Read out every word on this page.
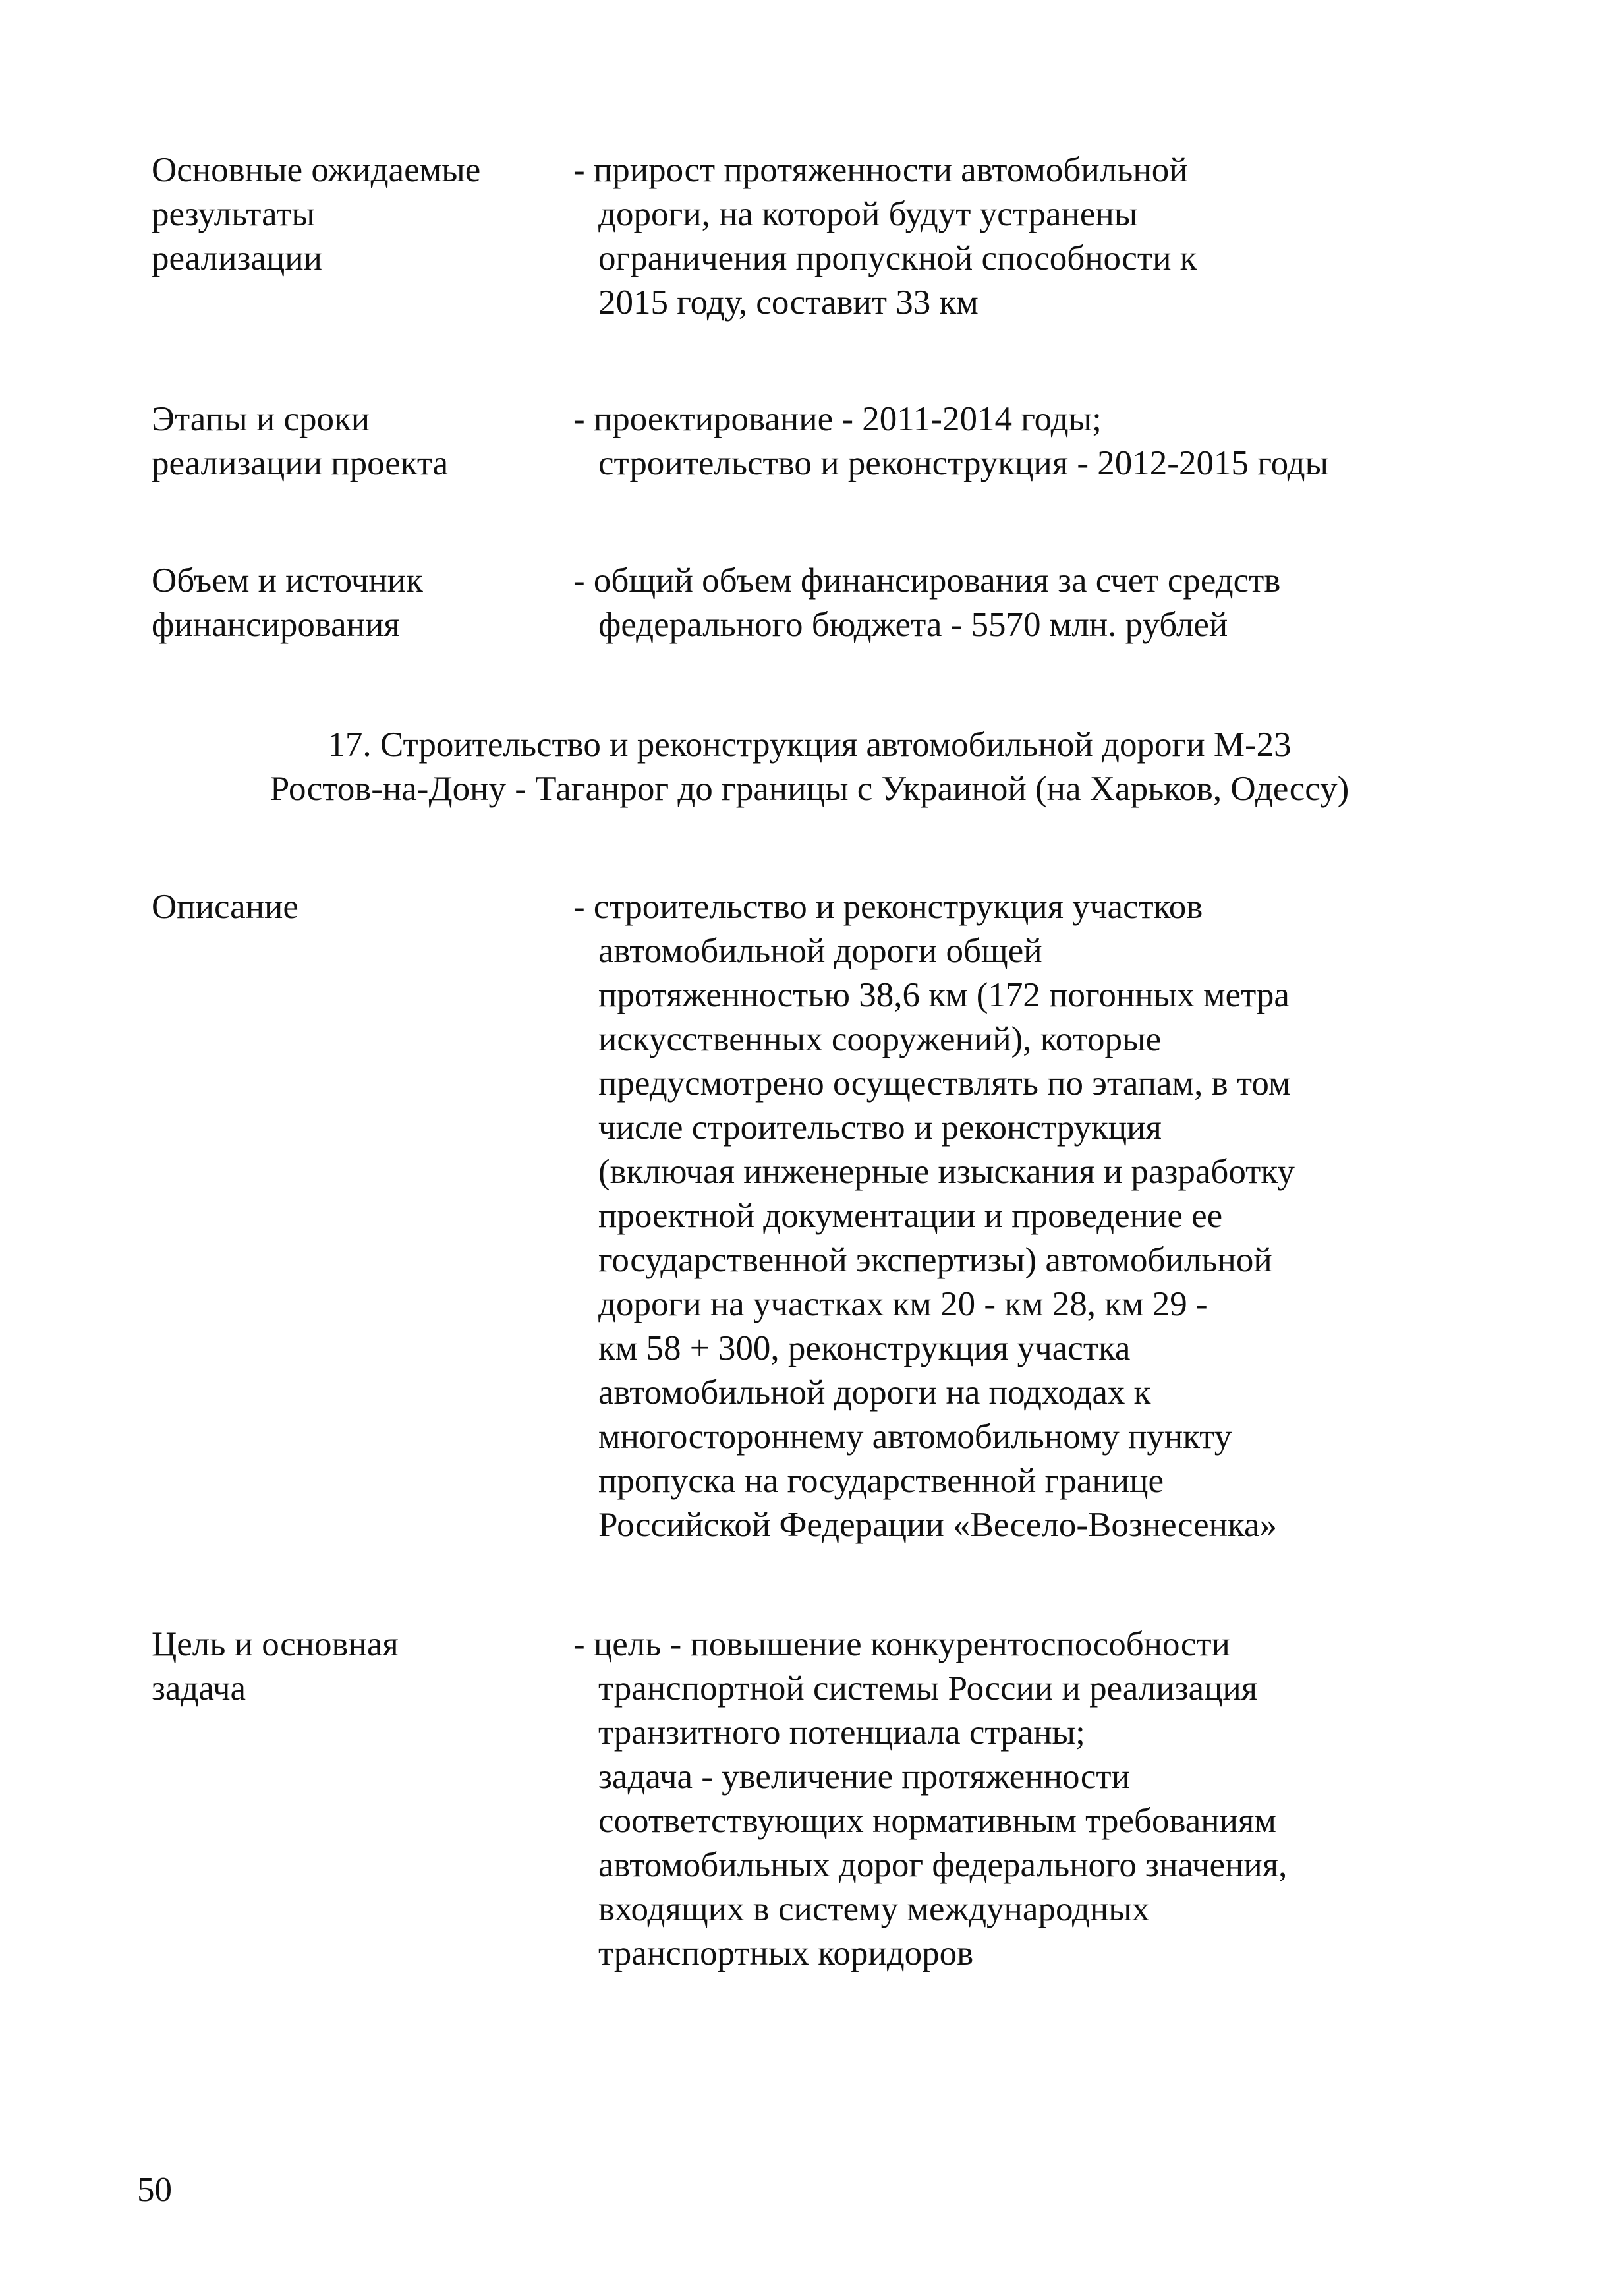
Основные ожидаемые
результаты
реализации
- прирост протяженности автомобильной
дороги, на которой будут устранены
ограничения пропускной способности к
2015 году, составит 33 км
Этапы и сроки
реализации проекта
- проектирование - 2011-2014 годы;
строительство и реконструкция - 2012-2015 годы
Объем и источник
финансирования
- общий объем финансирования за счет средств
федерального бюджета - 5570 млн. рублей
17. Строительство и реконструкция автомобильной дороги М-23
Ростов-на-Дону - Таганрог до границы с Украиной (на Харьков, Одессу)
Описание	- строительство и реконструкция участков
автомобильной дороги общей
протяженностью 38,6 км (172 погонных метра
искусственных сооружений), которые
предусмотрено осуществлять по этапам, в том
числе строительство и реконструкция
(включая инженерные изыскания и разработку
проектной документации и проведение ее
государственной экспертизы) автомобильной
дороги на участках км 20 - км 28, км 29 -
км 58 + 300, реконструкция участка
автомобильной дороги на подходах к
многостороннему автомобильному пункту
пропуска на государственной границе
Российской Федерации «Весело-Вознесенка»
Цель и основная
задача
- цель - повышение конкурентоспособности
транспортной системы России и реализация
транзитного потенциала страны;
задача - увеличение протяженности
соответствующих нормативным требованиям
автомобильных дорог федерального значения,
входящих в систему международных
транспортных коридоров
50
